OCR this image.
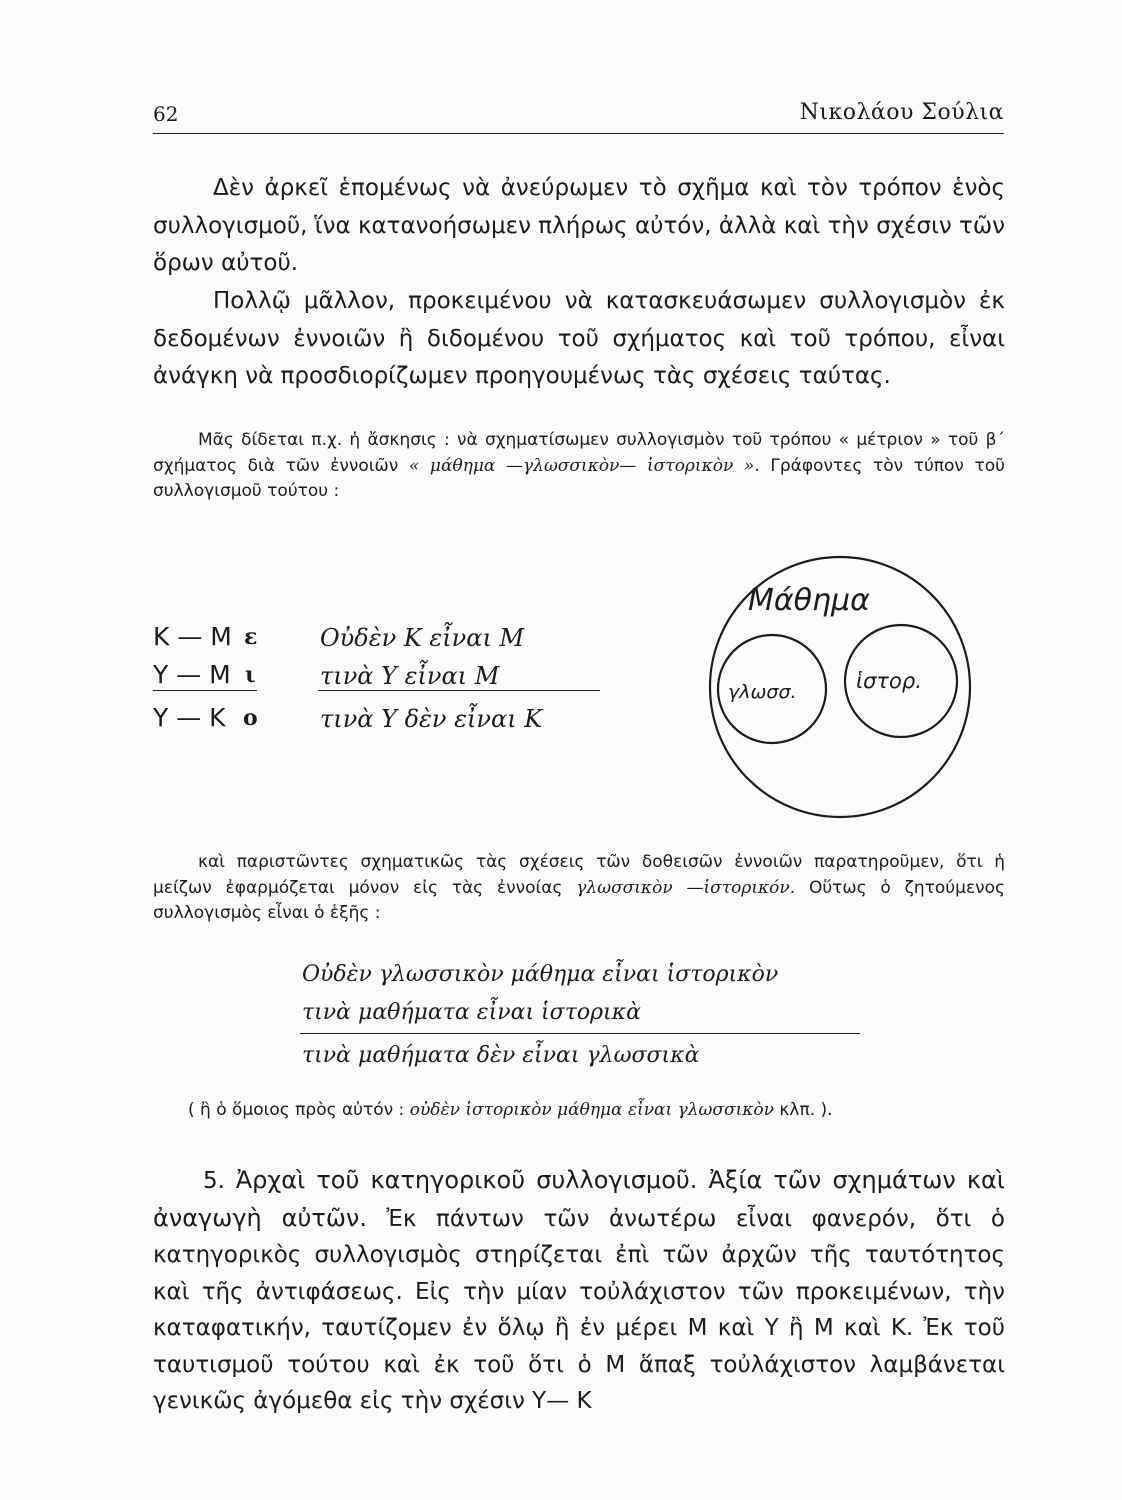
62	Νικολάου Σούλια

Δὲν ἀρκεῖ ἑπομένως νὰ ἀνεύρωμεν τὸ σχῆμα καὶ τὸν τρόπον ἑνὸς συλλογισμοῦ, ἵνα κατανοήσωμεν πλήρως αὐτόν, ἀλλὰ καὶ τὴν σχέσιν τῶν ὅρων αὐτοῦ.

Πολλῷ μᾶλλον, προκειμένου νὰ κατασκευάσωμεν συλλογισμὸν ἐκ δεδομένων ἐννοιῶν ἢ διδομένου τοῦ σχήματος καὶ τοῦ τρόπου, εἶναι ἀνάγκη νὰ προσδιορίζωμεν προηγουμένως τὰς σχέσεις ταύτας.

Μᾶς δίδεται π.χ. ἡ ἄσκησις : νὰ σχηματίσωμεν συλλογισμὸν τοῦ τρόπου « μέτριον » τοῦ β΄ σχήματος διὰ τῶν ἐννοιῶν « μάθημα —γλωσσικὸν— ἱστορικὸν ». Γράφοντες τὸν τύπον τοῦ συλλογισμοῦ τούτου :

Κ — Μ ε	Οὐδὲν Κ εἶναι Μ
Υ — Μ ι	τινὰ Υ εἶναι Μ
Υ — Κ ο	τινὰ Υ δὲν εἶναι Κ
Μάθημα
γλωσσ.	ἱστορ.

καὶ παριστῶντες σχηματικῶς τὰς σχέσεις τῶν δοθεισῶν ἐννοιῶν παρατηροῦμεν, ὅτι ἡ μείζων ἐφαρμόζεται μόνον εἰς τὰς ἐννοίας γλωσσικὸν —ἱστορικόν. Οὕτως ὁ ζητούμενος συλλογισμὸς εἶναι ὁ ἑξῆς :

Οὐδὲν γλωσσικὸν μάθημα εἶναι ἱστορικὸν
τινὰ μαθήματα εἶναι ἱστορικὰ
τινὰ μαθήματα δὲν εἶναι γλωσσικὰ
( ἢ ὁ ὅμοιος πρὸς αὐτόν : οὐδὲν ἱστορικὸν μάθημα εἶναι γλωσσικὸν κλπ. ).

5. Ἀρχαὶ τοῦ κατηγορικοῦ συλλογισμοῦ. Ἀξία τῶν σχημάτων καὶ ἀναγωγὴ αὐτῶν. Ἐκ πάντων τῶν ἀνωτέρω εἶναι φανερόν, ὅτι ὁ κατηγορικὸς συλλογισμὸς στηρίζεται ἐπὶ τῶν ἀρχῶν τῆς ταυτότητος καὶ τῆς ἀντιφάσεως. Εἰς τὴν μίαν τοὐλάχιστον τῶν προκειμένων, τὴν καταφατικήν, ταυτίζομεν ἐν ὅλῳ ἢ ἐν μέρει Μ καὶ Υ ἢ Μ καὶ Κ. Ἐκ τοῦ ταυτισμοῦ τούτου καὶ ἐκ τοῦ ὅτι ὁ Μ ἅπαξ τοὐλάχιστον λαμβάνεται γενικῶς ἀγόμεθα εἰς τὴν σχέσιν Υ— Κ
